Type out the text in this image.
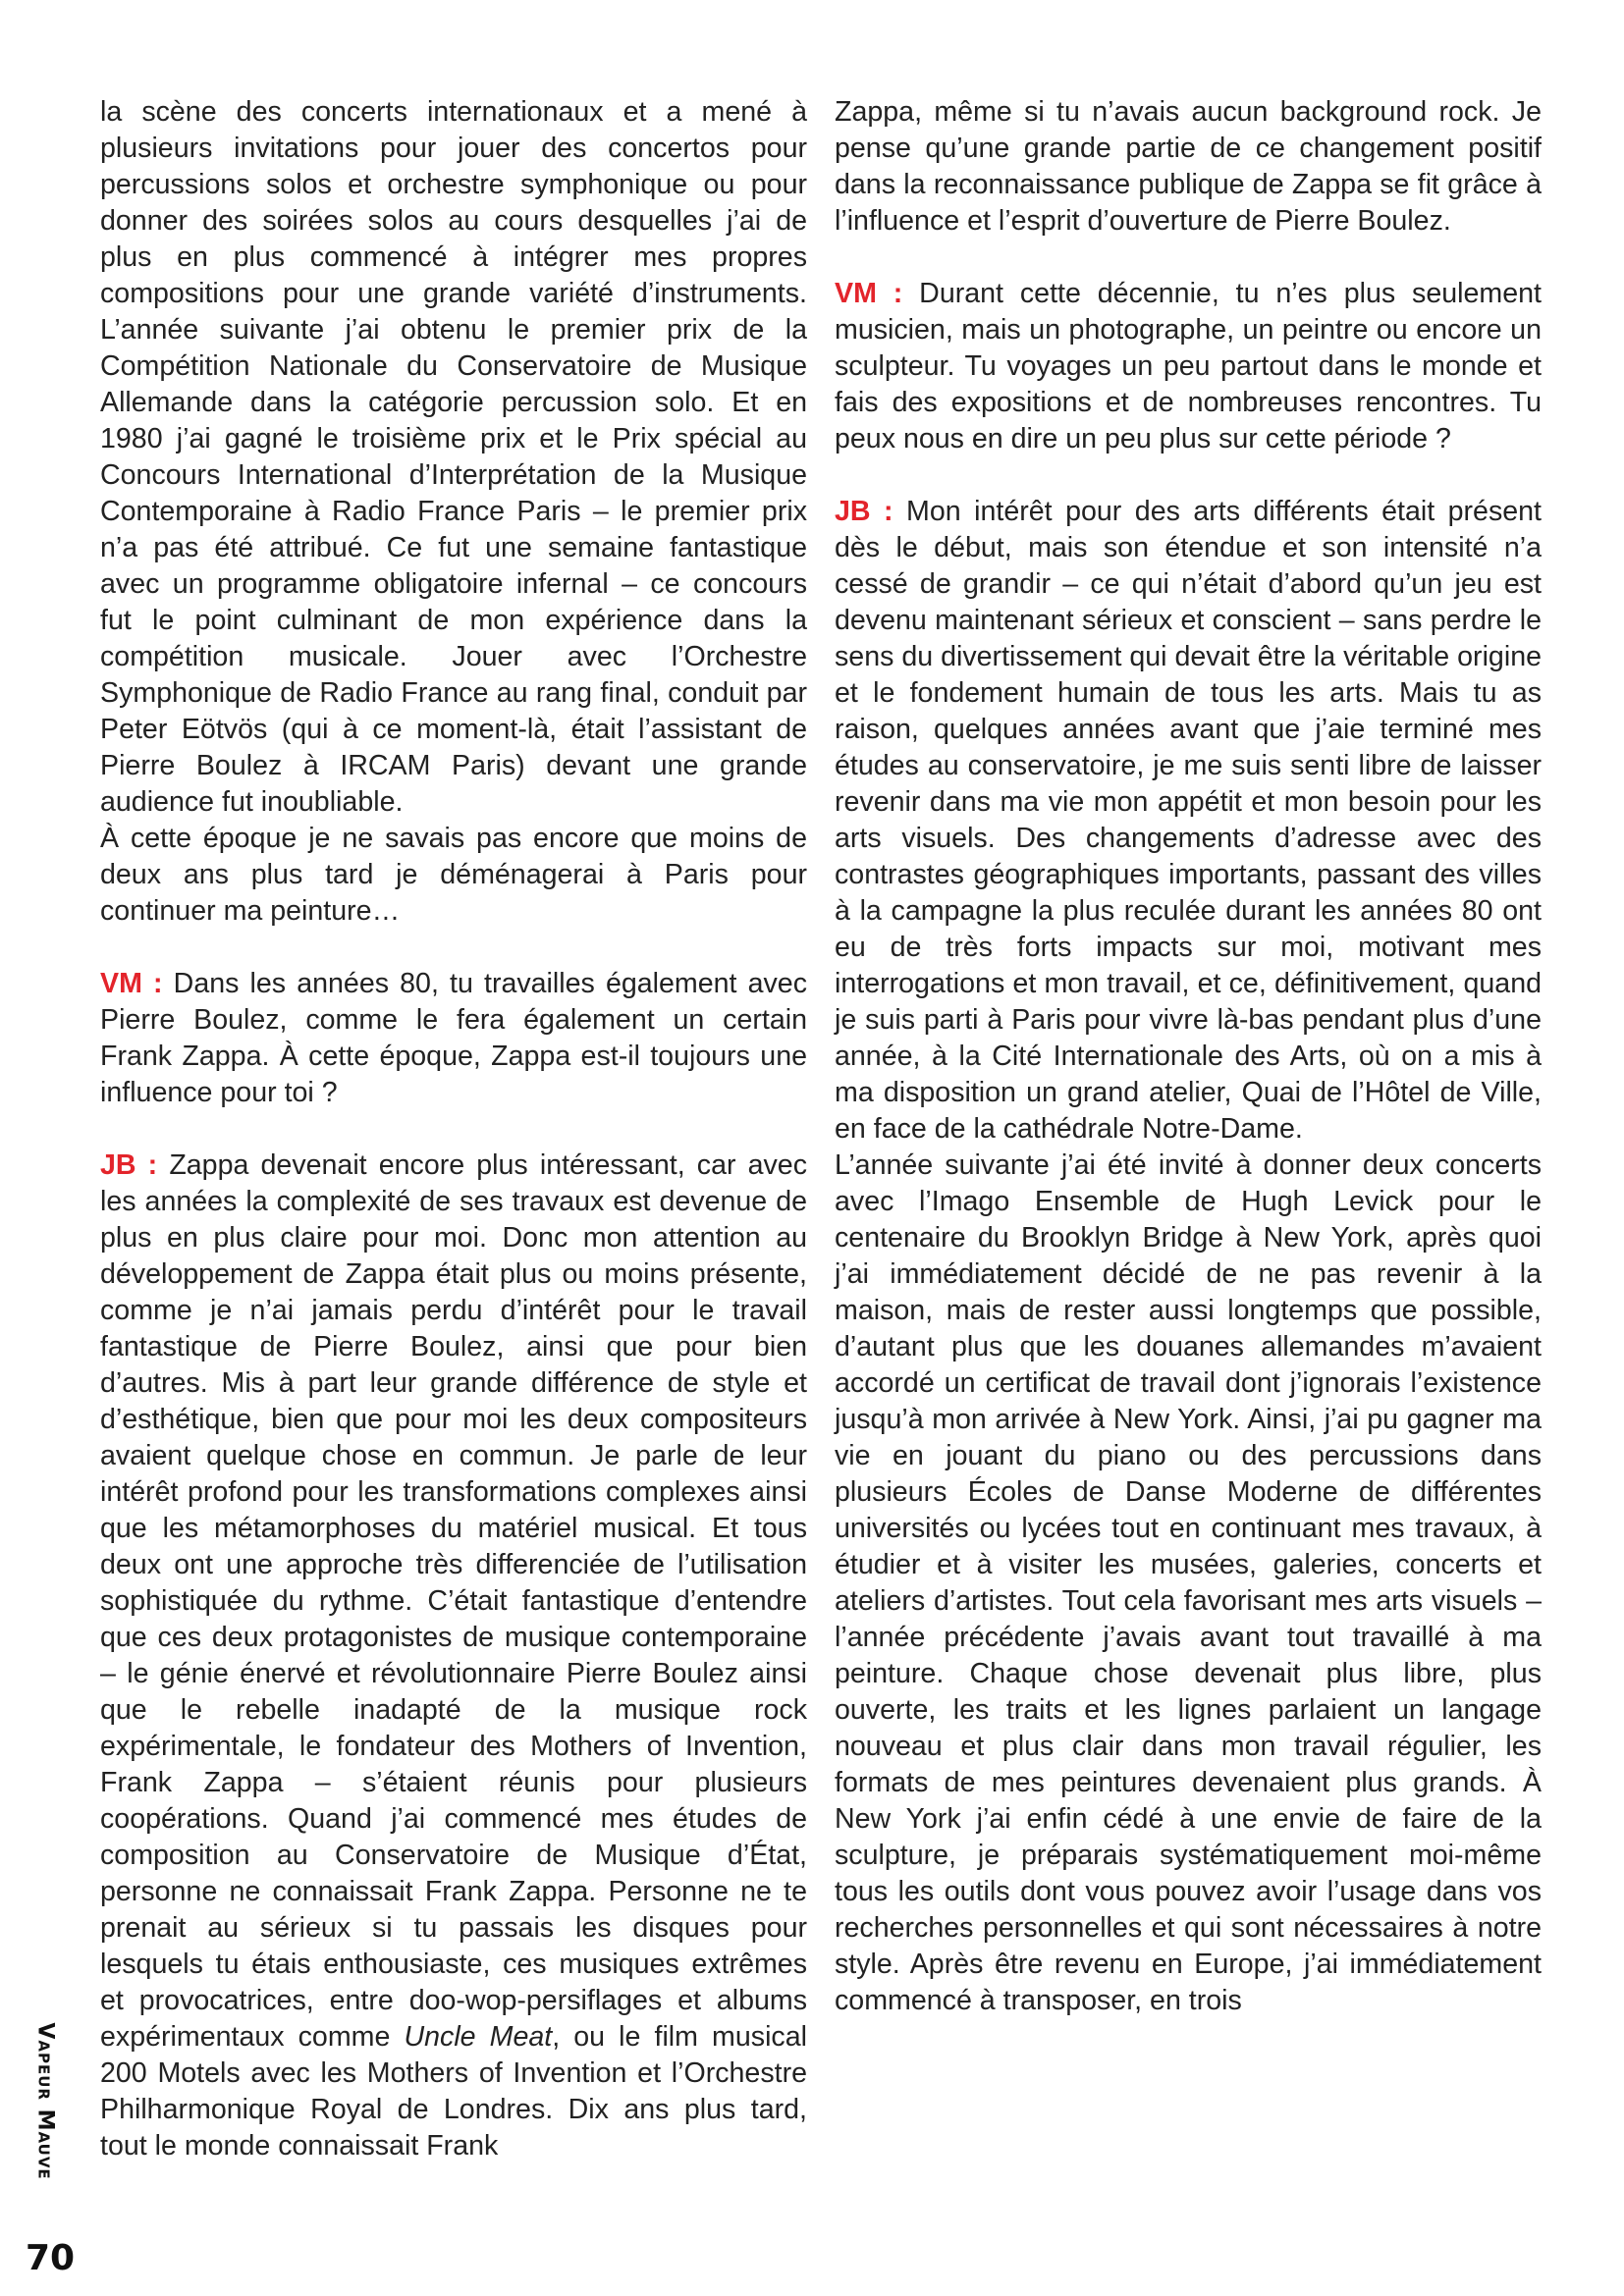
la scène des concerts internationaux et a mené à plusieurs invitations pour jouer des concertos pour percussions solos et orchestre symphonique ou pour donner des soirées solos au cours desquelles j’ai de plus en plus commencé à intégrer mes propres compositions pour une grande variété d’instruments. L’année suivante j’ai obtenu le premier prix de la Compétition Nationale du Conservatoire de Musique Allemande dans la catégorie percussion solo. Et en 1980 j’ai gagné le troisième prix et le Prix spécial au Concours International d’Interprétation de la Musique Contemporaine à Radio France Paris – le premier prix n’a pas été attribué. Ce fut une semaine fantastique avec un programme obligatoire infernal – ce concours fut le point culminant de mon expérience dans la compétition musicale. Jouer avec l’Orchestre Symphonique de Radio France au rang final, conduit par Peter Eötvös (qui à ce moment-là, était l’assistant de Pierre Boulez à IRCAM Paris) devant une grande audience fut inoubliable.

À cette époque je ne savais pas encore que moins de deux ans plus tard je déménagerai à Paris pour continuer ma peinture…

VM : Dans les années 80, tu travailles également avec Pierre Boulez, comme le fera également un certain Frank Zappa. À cette époque, Zappa est-il toujours une influence pour toi ?

JB : Zappa devenait encore plus intéressant, car avec les années la complexité de ses travaux est devenue de plus en plus claire pour moi. Donc mon attention au développement de Zappa était plus ou moins présente, comme je n’ai jamais perdu d’intérêt pour le travail fantastique de Pierre Boulez, ainsi que pour bien d’autres. Mis à part leur grande différence de style et d’esthétique, bien que pour moi les deux compositeurs avaient quelque chose en commun. Je parle de leur intérêt profond pour les transformations complexes ainsi que les métamorphoses du matériel musical. Et tous deux ont une approche très differenciée de l’utilisation sophistiquée du rythme. C’était fantastique d’entendre que ces deux protagonistes de musique contemporaine – le génie énervé et révolutionnaire Pierre Boulez ainsi que le rebelle inadapté de la musique rock expérimentale, le fondateur des Mothers of Invention, Frank Zappa – s’étaient réunis pour plusieurs coopérations. Quand j’ai commencé mes études de composition au Conservatoire de Musique d’État, personne ne connaissait Frank Zappa. Personne ne te prenait au sérieux si tu passais les disques pour lesquels tu étais enthousiaste, ces musiques extrêmes et provocatrices, entre doo-wop-persiflages et albums expérimentaux comme Uncle Meat, ou le film musical 200 Motels avec les Mothers of Invention et l’Orchestre Philharmonique Royal de Londres. Dix ans plus tard, tout le monde connaissait Frank

Zappa, même si tu n’avais aucun background rock. Je pense qu’une grande partie de ce changement positif dans la reconnaissance publique de Zappa se fit grâce à l’influence et l’esprit d’ouverture de Pierre Boulez.

VM : Durant cette décennie, tu n’es plus seulement musicien, mais un photographe, un peintre ou encore un sculpteur. Tu voyages un peu partout dans le monde et fais des expositions et de nombreuses rencontres. Tu peux nous en dire un peu plus sur cette période ?

JB : Mon intérêt pour des arts différents était présent dès le début, mais son étendue et son intensité n’a cessé de grandir – ce qui n’était d’abord qu’un jeu est devenu maintenant sérieux et conscient – sans perdre le sens du divertissement qui devait être la véritable origine et le fondement humain de tous les arts. Mais tu as raison, quelques années avant que j’aie terminé mes études au conservatoire, je me suis senti libre de laisser revenir dans ma vie mon appétit et mon besoin pour les arts visuels. Des changements d’adresse avec des contrastes géographiques importants, passant des villes à la campagne la plus reculée durant les années 80 ont eu de très forts impacts sur moi, motivant mes interrogations et mon travail, et ce, définitivement, quand je suis parti à Paris pour vivre là-bas pendant plus d’une année, à la Cité Internationale des Arts, où on a mis à ma disposition un grand atelier, Quai de l’Hôtel de Ville, en face de la cathédrale Notre-Dame.

L’année suivante j’ai été invité à donner deux concerts avec l’Imago Ensemble de Hugh Levick pour le centenaire du Brooklyn Bridge à New York, après quoi j’ai immédiatement décidé de ne pas revenir à la maison, mais de rester aussi longtemps que possible, d’autant plus que les douanes allemandes m’avaient accordé un certificat de travail dont j’ignorais l’existence jusqu’à mon arrivée à New York. Ainsi, j’ai pu gagner ma vie en jouant du piano ou des percussions dans plusieurs Écoles de Danse Moderne de différentes universités ou lycées tout en continuant mes travaux, à étudier et à visiter les musées, galeries, concerts et ateliers d’artistes. Tout cela favorisant mes arts visuels – l’année précédente j’avais avant tout travaillé à ma peinture. Chaque chose devenait plus libre, plus ouverte, les traits et les lignes parlaient un langage nouveau et plus clair dans mon travail régulier, les formats de mes peintures devenaient plus grands. À New York j’ai enfin cédé à une envie de faire de la sculpture, je préparais systématiquement moi-même tous les outils dont vous pouvez avoir l’usage dans vos recherches personnelles et qui sont nécessaires à notre style. Après être revenu en Europe, j’ai immédiatement commencé à transposer, en trois

Vapeur Mauve
70
